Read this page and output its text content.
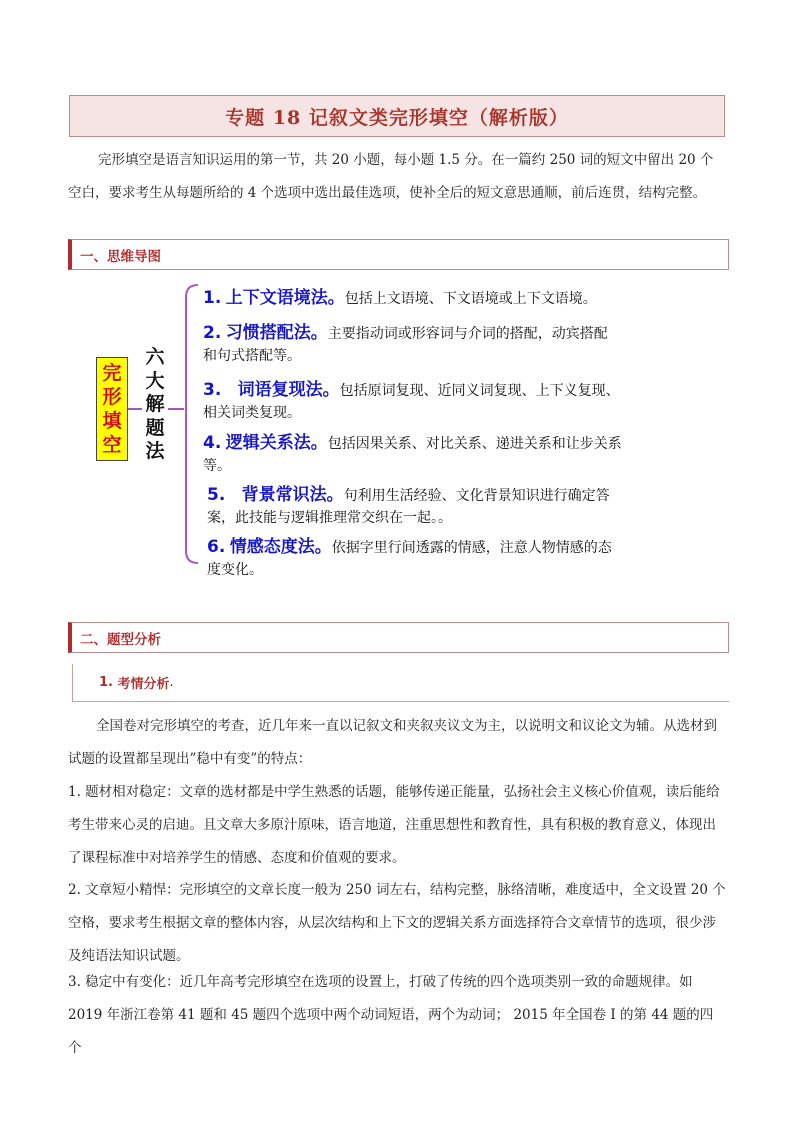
专题 18 记叙文类完形填空（解析版）
完形填空是语言知识运用的第一节，共 20 小题，每小题 1.5 分。在一篇约 250 词的短文中留出 20 个空白，要求考生从每题所给的 4 个选项中选出最佳选项，使补全后的短文意思通顺，前后连贯，结构完整。
一、思维导图
完
形
填
空
六
大
解
题
法
1. 上下文语境法。包括上文语境、下文语境或上下文语境。
2. 习惯搭配法。主要指动词或形容词与介词的搭配，动宾搭配
和句式搭配等。
3.   词语复现法。包括原词复现、近同义词复现、上下义复现、
相关词类复现。
4. 逻辑关系法。包括因果关系、对比关系、递进关系和让步关系
等。
5.   背景常识法。句利用生活经验、文化背景知识进行确定答
案，此技能与逻辑推理常交织在一起。。
6. 情感态度法。依据字里行间透露的情感，注意人物情感的态
度变化。
二、题型分析
1. 考情分析 .
全国卷对完形填空的考查，近几年来一直以记叙文和夹叙夹议文为主，以说明文和议论文为辅。从选材到试题的设置都呈现出”稳中有变”的特点：
1. 题材相对稳定：文章的选材都是中学生熟悉的话题，能够传递正能量，弘扬社会主义核心价值观，读后能给考生带来心灵的启迪。且文章大多原汁原味，语言地道，注重思想性和教育性，具有积极的教育意义，体现出了课程标准中对培养学生的情感、态度和价值观的要求。
2. 文章短小精悍：完形填空的文章长度一般为 250 词左右，结构完整，脉络清晰，难度适中，全文设置 20 个空格，要求考生根据文章的整体内容，从层次结构和上下文的逻辑关系方面选择符合文章情节的选项，很少涉及纯语法知识试题。
3. 稳定中有变化：近几年高考完形填空在选项的设置上，打破了传统的四个选项类别一致的命题规律。如 2019 年浙江卷第 41 题和 45 题四个选项中两个动词短语，两个为动词； 2015 年全国卷 I 的第 44 题的四个
